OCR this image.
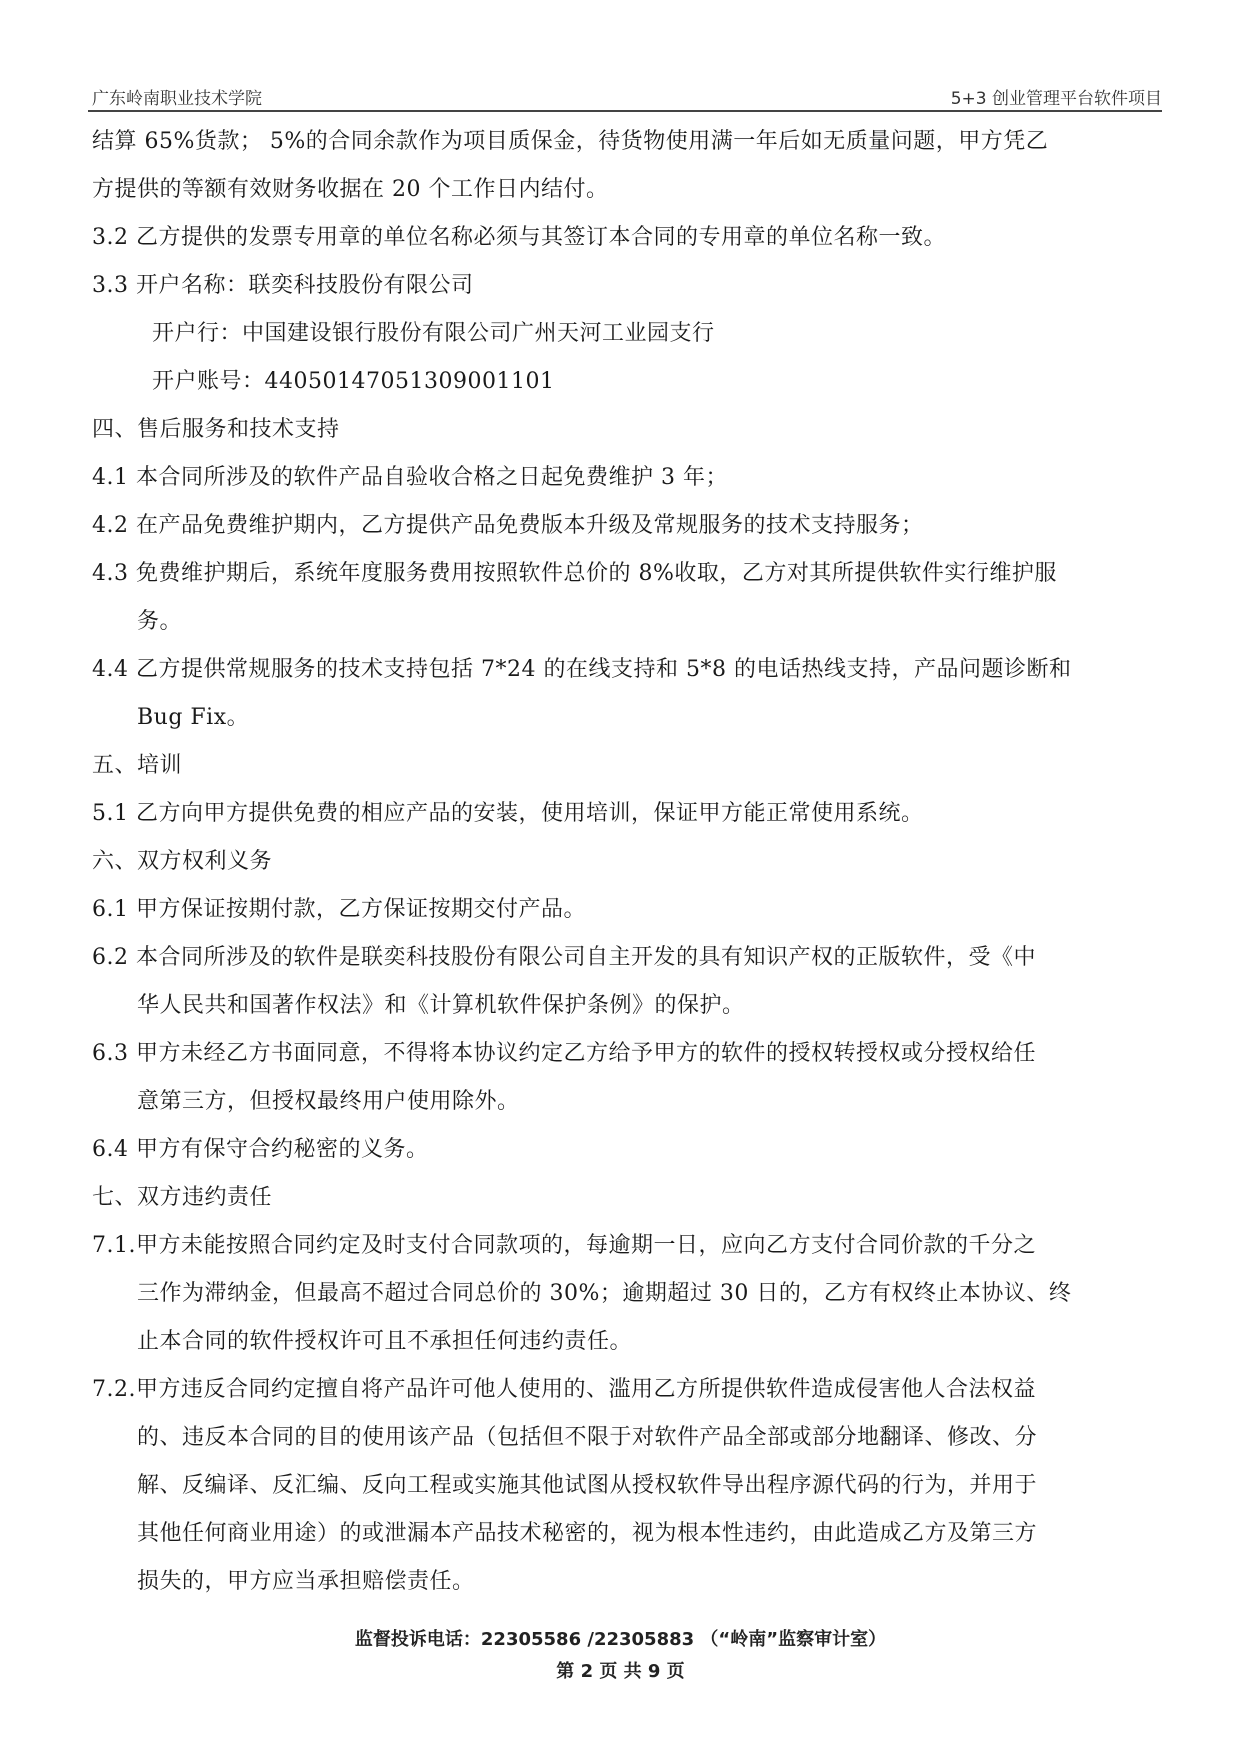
广东岭南职业技术学院	5+3 创业管理平台软件项目
结算 65%货款； 5%的合同余款作为项目质保金，待货物使用满一年后如无质量问题，甲方凭乙
方提供的等额有效财务收据在 20 个工作日内结付。
3.2 乙方提供的发票专用章的单位名称必须与其签订本合同的专用章的单位名称一致。
3.3 开户名称：联奕科技股份有限公司
开户行：中国建设银行股份有限公司广州天河工业园支行
开户账号：44050147051309001101
四、售后服务和技术支持
4.1 本合同所涉及的软件产品自验收合格之日起免费维护 3 年；
4.2 在产品免费维护期内，乙方提供产品免费版本升级及常规服务的技术支持服务；
4.3 免费维护期后，系统年度服务费用按照软件总价的 8%收取，乙方对其所提供软件实行维护服
务。
4.4 乙方提供常规服务的技术支持包括 7*24 的在线支持和 5*8 的电话热线支持，产品问题诊断和
Bug Fix。
五、培训
5.1 乙方向甲方提供免费的相应产品的安装，使用培训，保证甲方能正常使用系统。
六、双方权利义务
6.1 甲方保证按期付款，乙方保证按期交付产品。
6.2 本合同所涉及的软件是联奕科技股份有限公司自主开发的具有知识产权的正版软件，受《中
华人民共和国著作权法》和《计算机软件保护条例》的保护。
6.3 甲方未经乙方书面同意，不得将本协议约定乙方给予甲方的软件的授权转授权或分授权给任
意第三方，但授权最终用户使用除外。
6.4 甲方有保守合约秘密的义务。
七、双方违约责任
7.1.甲方未能按照合同约定及时支付合同款项的，每逾期一日，应向乙方支付合同价款的千分之
三作为滞纳金，但最高不超过合同总价的 30%；逾期超过 30 日的，乙方有权终止本协议、终
止本合同的软件授权许可且不承担任何违约责任。
7.2.甲方违反合同约定擅自将产品许可他人使用的、滥用乙方所提供软件造成侵害他人合法权益
的、违反本合同的目的使用该产品（包括但不限于对软件产品全部或部分地翻译、修改、分
解、反编译、反汇编、反向工程或实施其他试图从授权软件导出程序源代码的行为，并用于
其他任何商业用途）的或泄漏本产品技术秘密的，视为根本性违约，由此造成乙方及第三方
损失的，甲方应当承担赔偿责任。
监督投诉电话：22305586 /22305883 （“岭南”监察审计室）
第 2 页 共 9 页
